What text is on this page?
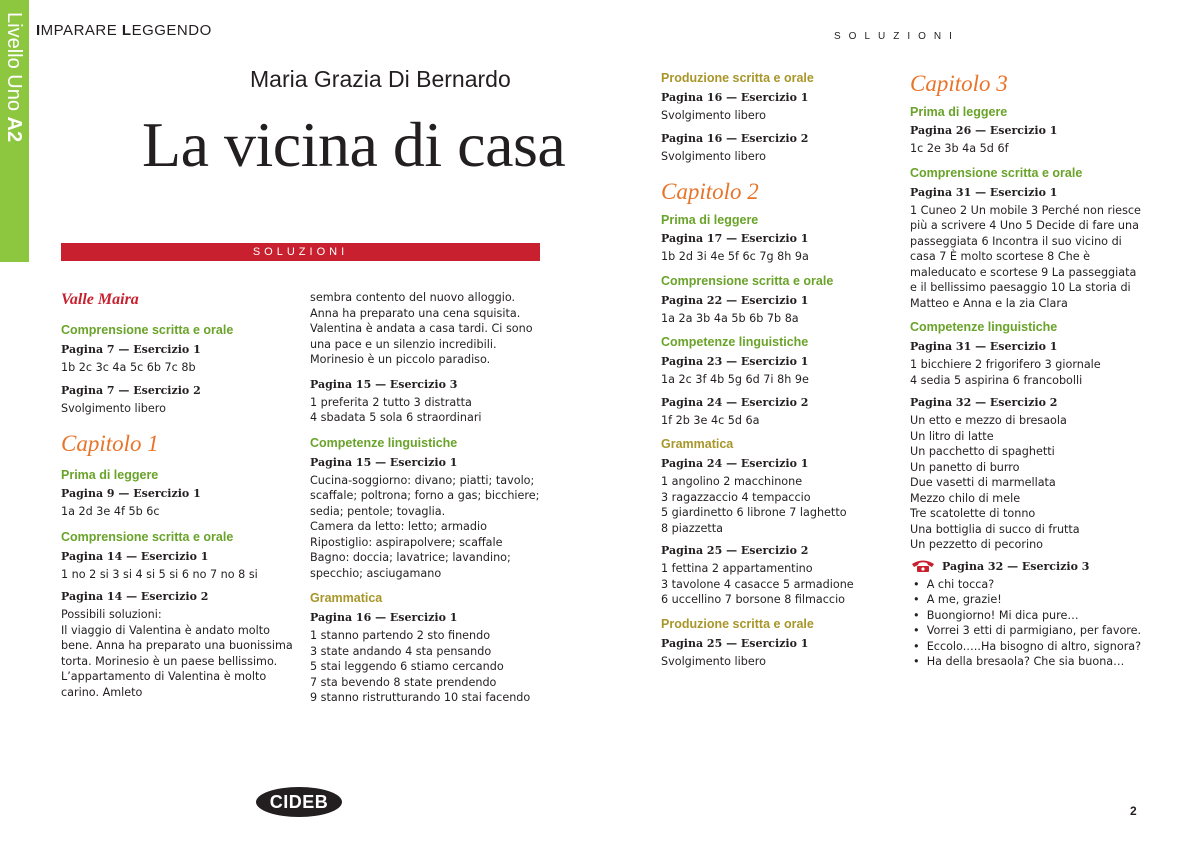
Livello Uno A2
IMPARARE LEGGENDO	SOLUZIONI
Maria Grazia Di Bernardo
La vicina di casa
SOLUZIONI

Valle Maira

Comprensione scritta e orale

Pagina 7 — Esercizio 1

1b 2c 3c 4a 5c 6b 7c 8b

Pagina 7 — Esercizio 2

Svolgimento libero

Capitolo 1

Prima di leggere

Pagina 9 — Esercizio 1

1a 2d 3e 4f 5b 6c

Comprensione scritta e orale

Pagina 14 — Esercizio 1

1 no 2 si 3 si 4 si 5 si 6 no 7 no 8 si

Pagina 14 — Esercizio 2

Possibili soluzioni:

Il viaggio di Valentina è andato molto bene. Anna ha preparato una buonissima torta. Morinesio è un paese bellissimo. L’appartamento di Valentina è molto carino. Amleto

sembra contento del nuovo alloggio. Anna ha preparato una cena squisita. Valentina è andata a casa tardi. Ci sono una pace e un silenzio incredibili. Morinesio è un piccolo paradiso.

Pagina 15 — Esercizio 3

1 preferita 2 tutto 3 distratta

4 sbadata 5 sola 6 straordinari

Competenze linguistiche

Pagina 15 — Esercizio 1

Cucina-soggiorno: divano; piatti; tavolo; scaffale; poltrona; forno a gas; bicchiere; sedia; pentole; tovaglia.

Camera da letto: letto; armadio

Ripostiglio: aspirapolvere; scaffale

Bagno: doccia; lavatrice; lavandino; specchio; asciugamano

Grammatica

Pagina 16 — Esercizio 1

1 stanno partendo 2 sto finendo

3 state andando 4 sta pensando

5 stai leggendo 6 stiamo cercando

7 sta bevendo 8 state prendendo

9 stanno ristrutturando 10 stai facendo

Produzione scritta e orale

Pagina 16 — Esercizio 1

Svolgimento libero

Pagina 16 — Esercizio 2

Svolgimento libero

Capitolo 2

Prima di leggere

Pagina 17 — Esercizio 1

1b 2d 3i 4e 5f 6c 7g 8h 9a

Comprensione scritta e orale

Pagina 22 — Esercizio 1

1a 2a 3b 4a 5b 6b 7b 8a

Competenze linguistiche

Pagina 23 — Esercizio 1

1a 2c 3f 4b 5g 6d 7i 8h 9e

Pagina 24 — Esercizio 2

1f 2b 3e 4c 5d 6a

Grammatica

Pagina 24 — Esercizio 1

1 angolino 2 macchinone

3 ragazzaccio 4 tempaccio

5 giardinetto 6 librone 7 laghetto

8 piazzetta

Pagina 25 — Esercizio 2

1 fettina 2 appartamentino

3 tavolone 4 casacce 5 armadione

6 uccellino 7 borsone 8 filmaccio

Produzione scritta e orale

Pagina 25 — Esercizio 1

Svolgimento libero

Capitolo 3

Prima di leggere

Pagina 26 — Esercizio 1

1c 2e 3b 4a 5d 6f

Comprensione scritta e orale

Pagina 31 — Esercizio 1

1 Cuneo 2 Un mobile 3 Perché non riesce più a scrivere 4 Uno 5 Decide di fare una passeggiata 6 Incontra il suo vicino di casa 7 È molto scortese 8 Che è maleducato e scortese 9 La passeggiata e il bellissimo paesaggio 10 La storia di Matteo e Anna e la zia Clara

Competenze linguistiche

Pagina 31 — Esercizio 1

1 bicchiere 2 frigorifero 3 giornale

4 sedia 5 aspirina 6 francobolli

Pagina 32 — Esercizio 2

Un etto e mezzo di bresaola

Un litro di latte

Un pacchetto di spaghetti

Un panetto di burro

Due vasetti di marmellata

Mezzo chilo di mele

Tre scatolette di tonno

Una bottiglia di succo di frutta

Un pezzetto di pecorino

Pagina 32 — Esercizio 3

•  A chi tocca?

•  A me, grazie!

•  Buongiorno! Mi dica pure…

•  Vorrei 3 etti di parmigiano, per favore.

•  Eccolo.….Ha bisogno di altro, signora?

•  Ha della bresaola? Che sia buona…

CIDEB	2
